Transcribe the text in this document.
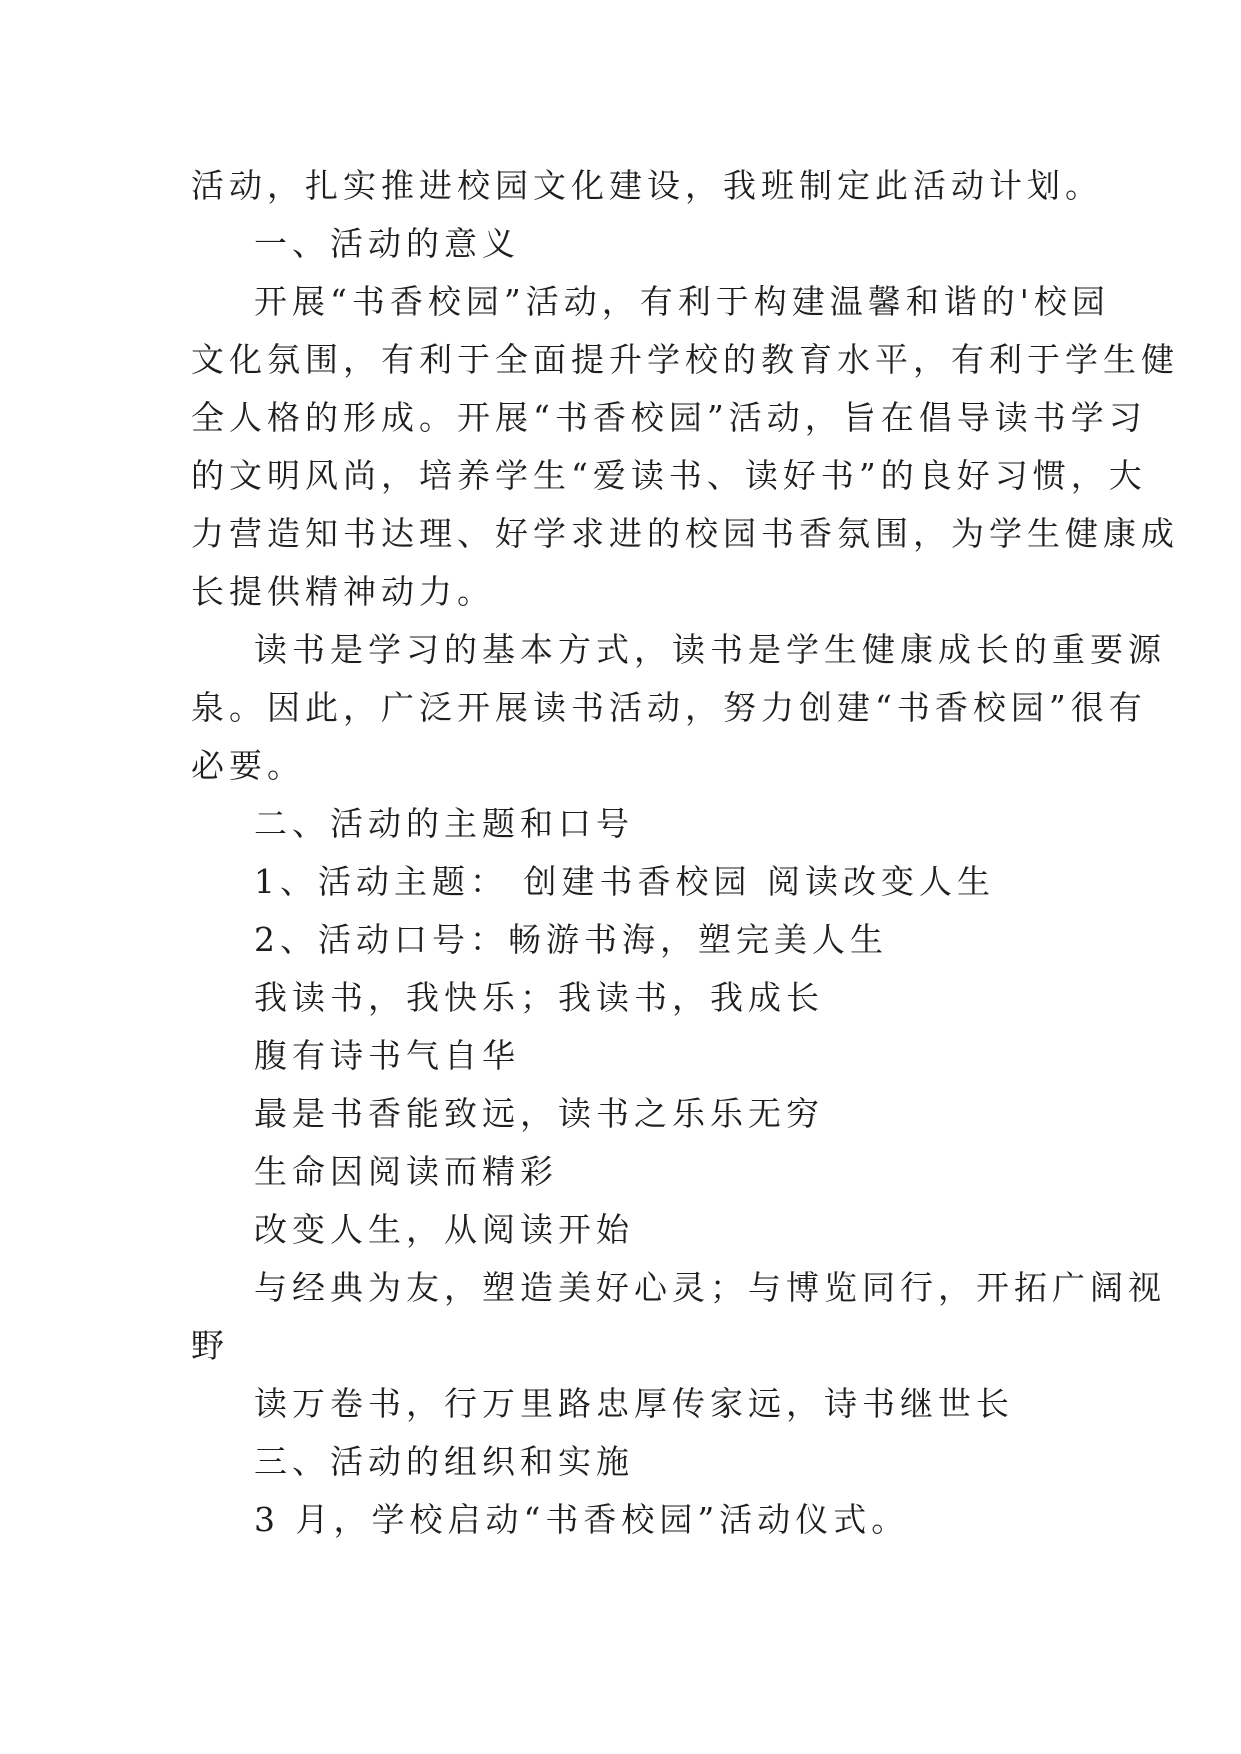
活动，扎实推进校园文化建设，我班制定此活动计划。
一、活动的意义
开展“书香校园”活动，有利于构建温馨和谐的'校园
文化氛围，有利于全面提升学校的教育水平，有利于学生健
全人格的形成。开展“书香校园”活动，旨在倡导读书学习
的文明风尚，培养学生“爱读书、读好书”的良好习惯，大
力营造知书达理、好学求进的校园书香氛围，为学生健康成
长提供精神动力。
读书是学习的基本方式，读书是学生健康成长的重要源
泉。因此，广泛开展读书活动，努力创建“书香校园”很有
必要。
二、活动的主题和口号
1、活动主题： 创建书香校园 阅读改变人生
2、活动口号：畅游书海，塑完美人生
我读书，我快乐；我读书，我成长
腹有诗书气自华
最是书香能致远，读书之乐乐无穷
生命因阅读而精彩
改变人生，从阅读开始
与经典为友，塑造美好心灵；与博览同行，开拓广阔视
野
读万卷书，行万里路忠厚传家远，诗书继世长
三、活动的组织和实施
3 月，学校启动“书香校园”活动仪式。
